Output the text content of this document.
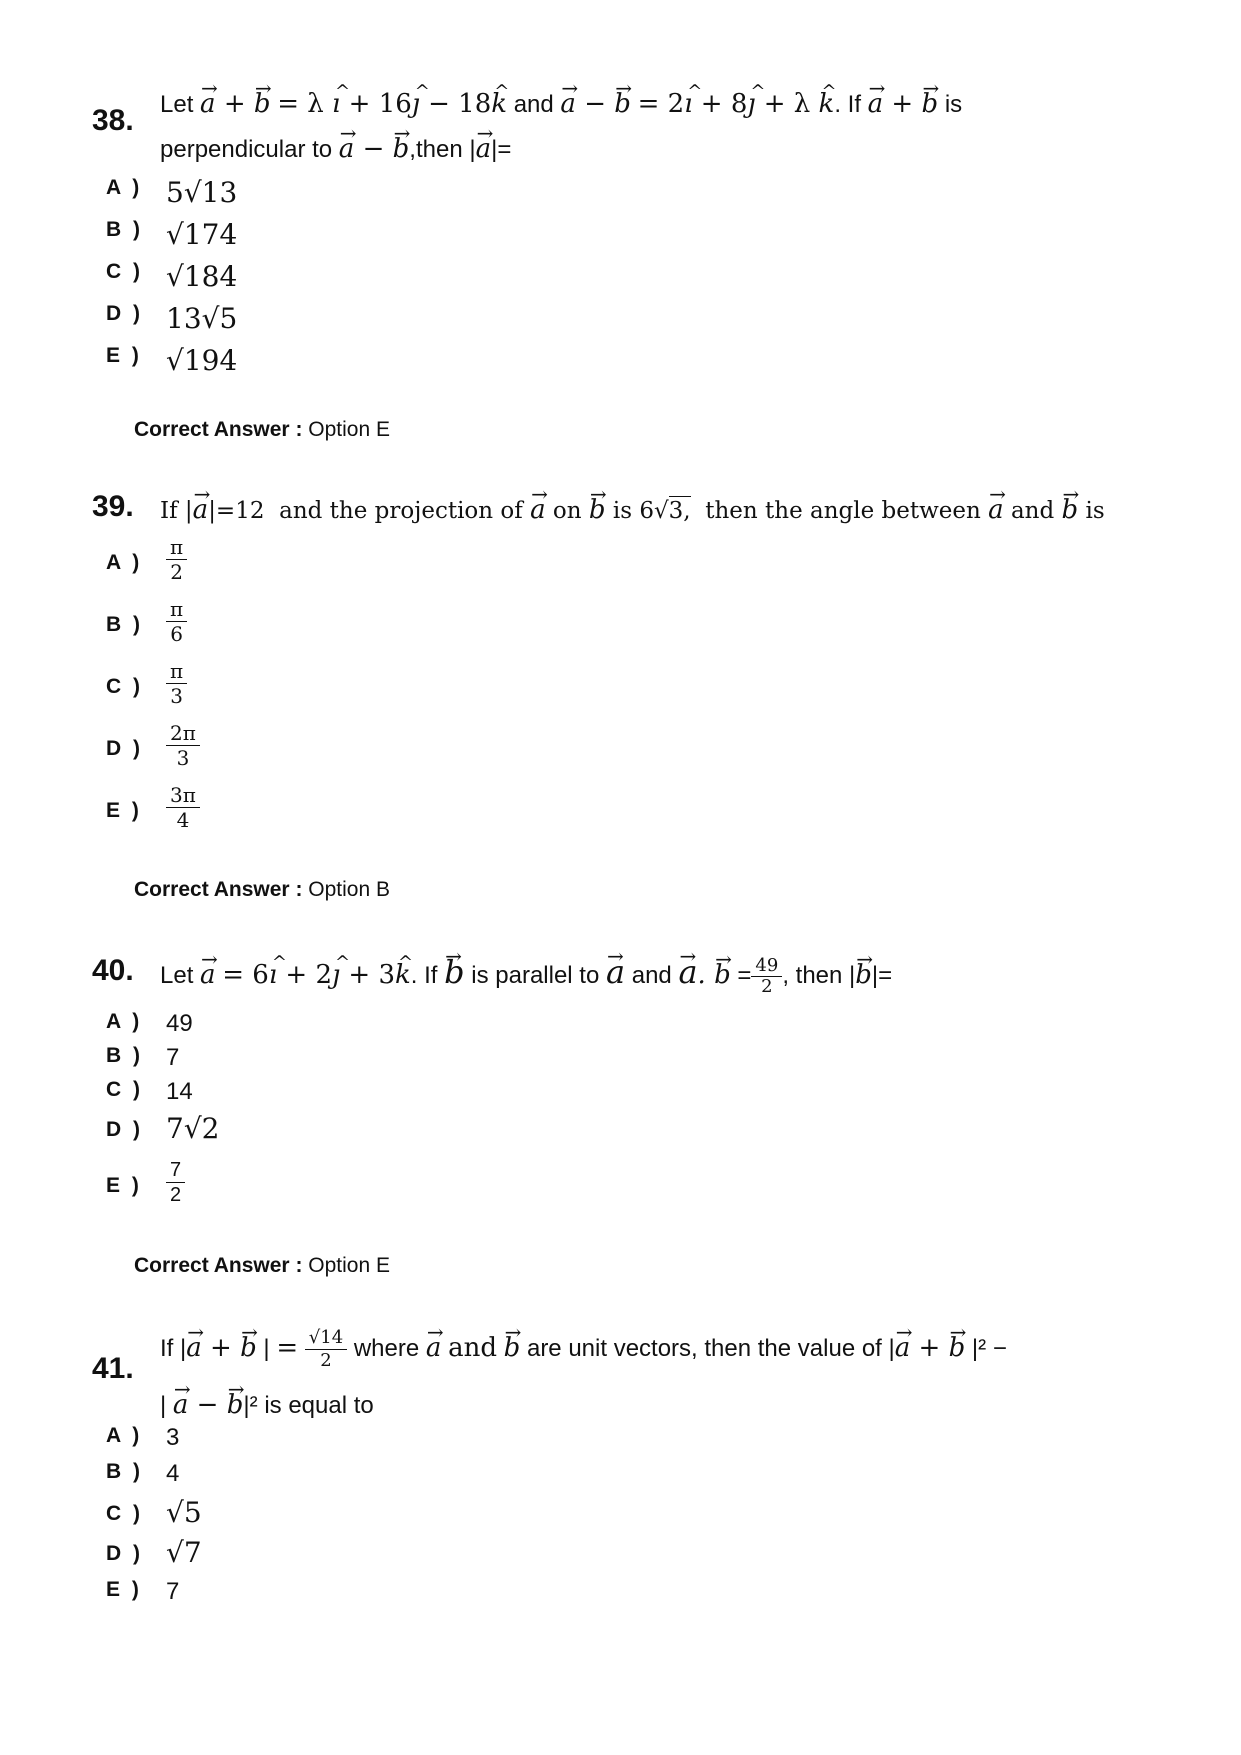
38. Let → a + → b = λ ^ ı + 16^ ȷ − 18^ k and → a − → b = 2^ ı + 8^ ȷ + λ ^ k. If → a + → b is
perpendicular to → a − → b,then |→ a|=
A ) 5√13
B ) √174
C ) √184
D ) 13√5
E ) √194
Correct Answer : Option E
39. If |→ a|=12 and the projection of → a on → b is 6√3, then the angle between → a and → b is
A ) $\frac{\pi}{2}$
B ) $\frac{\pi}{6}$
C ) $\frac{\pi}{3}$
D ) $\frac{2\pi}{3}$
E ) $\frac{3\pi}{4}$
Correct Answer : Option B
40. Let → a = 6^ ı + 2^ ȷ + 3^ k. If → b is parallel to → a and → a. → $b = \frac{49}{2}$ , then |→ b|=
A ) 49
B ) 7
C ) 14
D ) 7√2
E ) $\frac{7}{2}$
Correct Answer : Option E
41.
If |→ a + → b | = $\frac{√14}{2}$ where → a and → b are unit vectors, then the value of |→ a + → b |² −
| → a − → b|² is equal to
A ) 3
B ) 4
C ) √5
D ) √7
E ) 7
